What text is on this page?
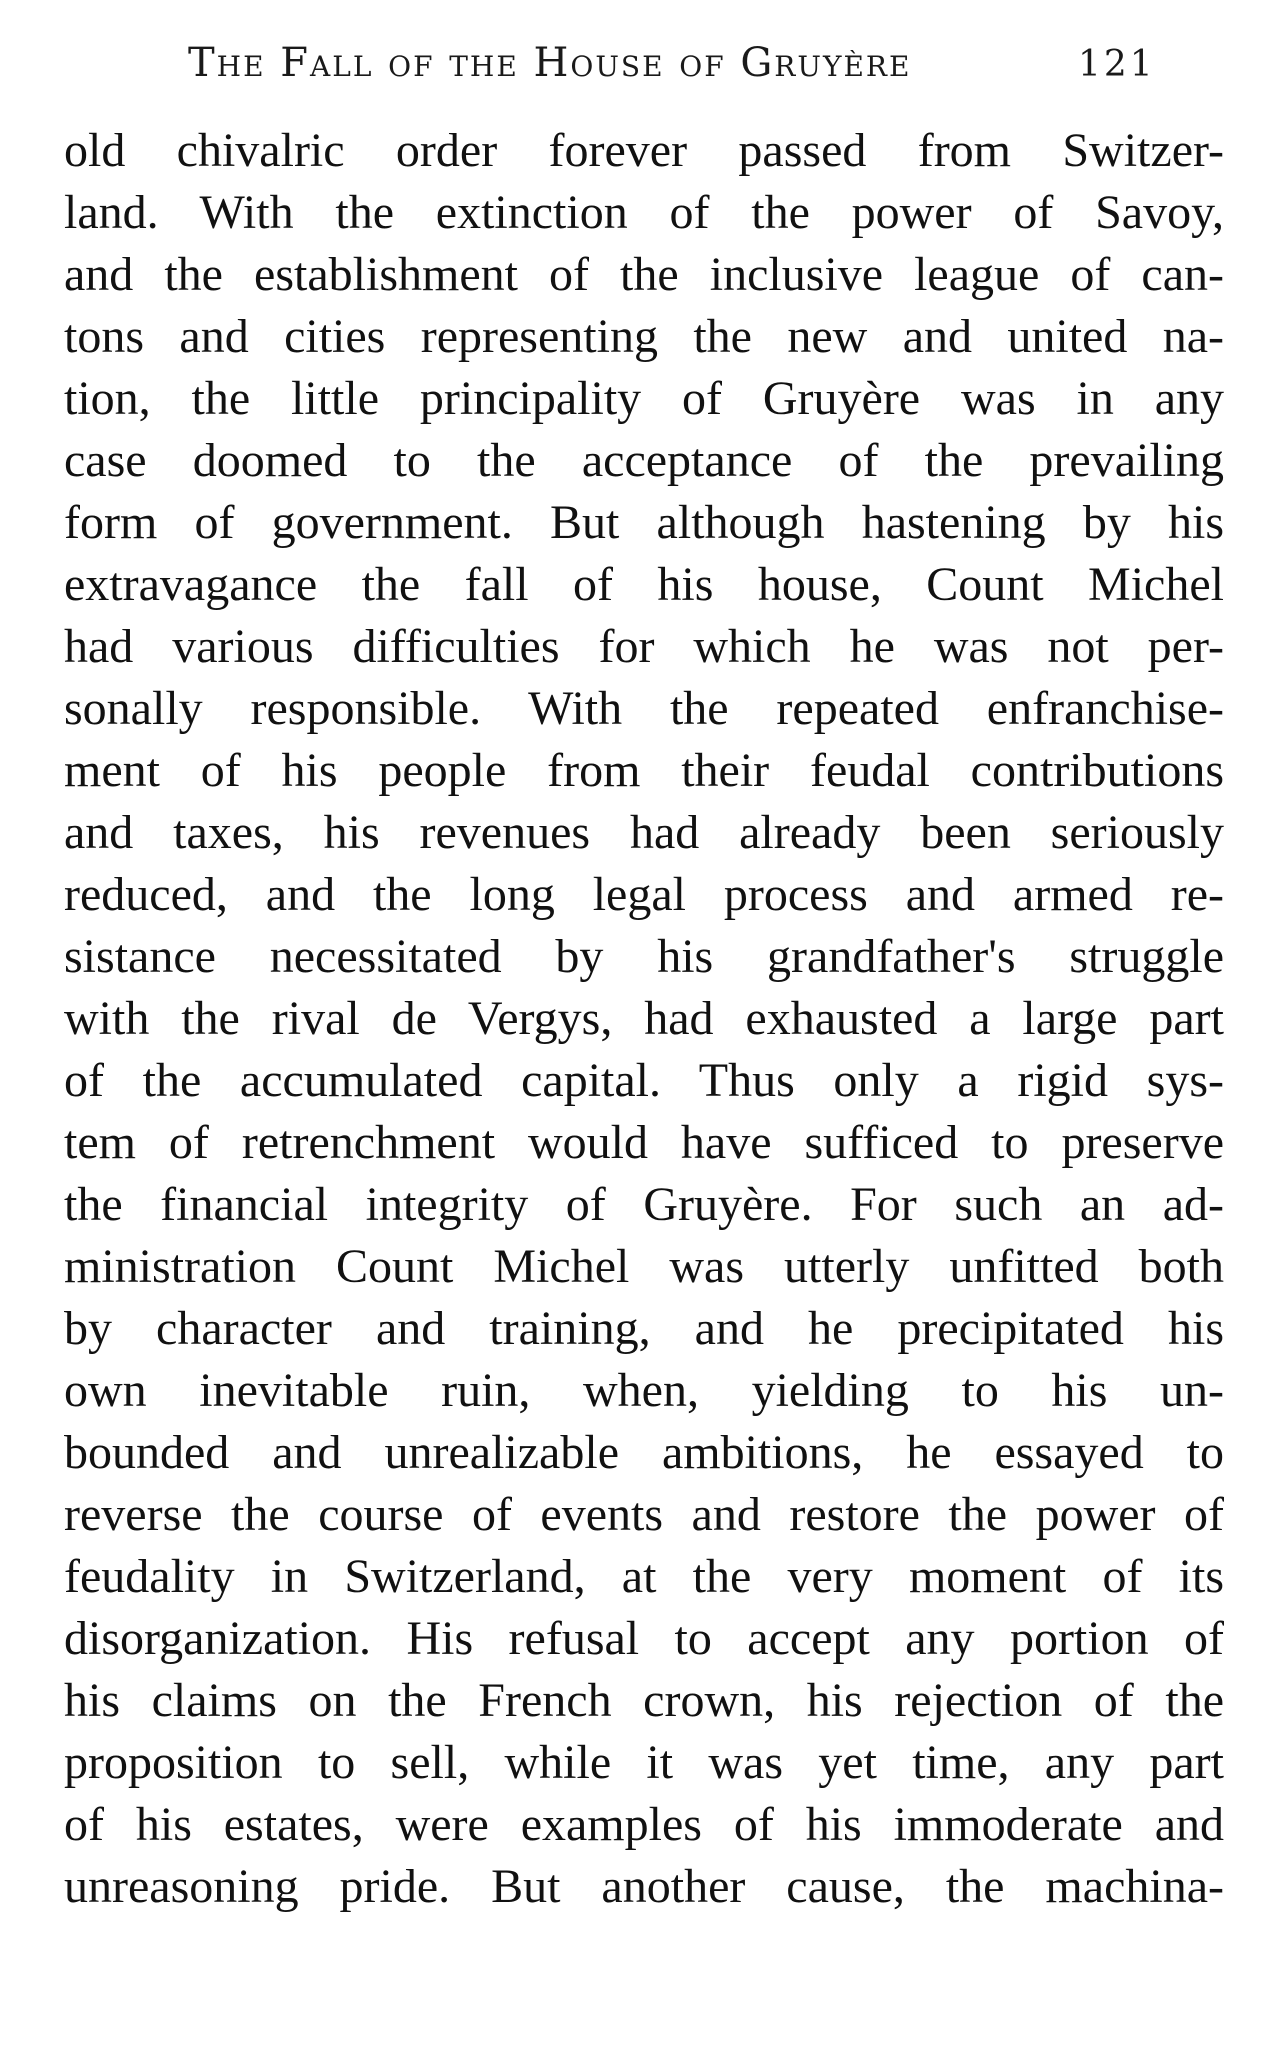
The Fall of the House of Gruyère	121
old chivalric order forever passed from Switzer-
land. With the extinction of the power of Savoy,
and the establishment of the inclusive league of can-
tons and cities representing the new and united na-
tion, the little principality of Gruyère was in any
case doomed to the acceptance of the prevailing
form of government. But although hastening by his
extravagance the fall of his house, Count Michel
had various difficulties for which he was not per-
sonally responsible. With the repeated enfranchise-
ment of his people from their feudal contributions
and taxes, his revenues had already been seriously
reduced, and the long legal process and armed re-
sistance necessitated by his grandfather's struggle
with the rival de Vergys, had exhausted a large part
of the accumulated capital. Thus only a rigid sys-
tem of retrenchment would have sufficed to preserve
the financial integrity of Gruyère. For such an ad-
ministration Count Michel was utterly unfitted both
by character and training, and he precipitated his
own inevitable ruin, when, yielding to his un-
bounded and unrealizable ambitions, he essayed to
reverse the course of events and restore the power of
feudality in Switzerland, at the very moment of its
disorganization. His refusal to accept any portion of
his claims on the French crown, his rejection of the
proposition to sell, while it was yet time, any part
of his estates, were examples of his immoderate and
unreasoning pride. But another cause, the machina-
